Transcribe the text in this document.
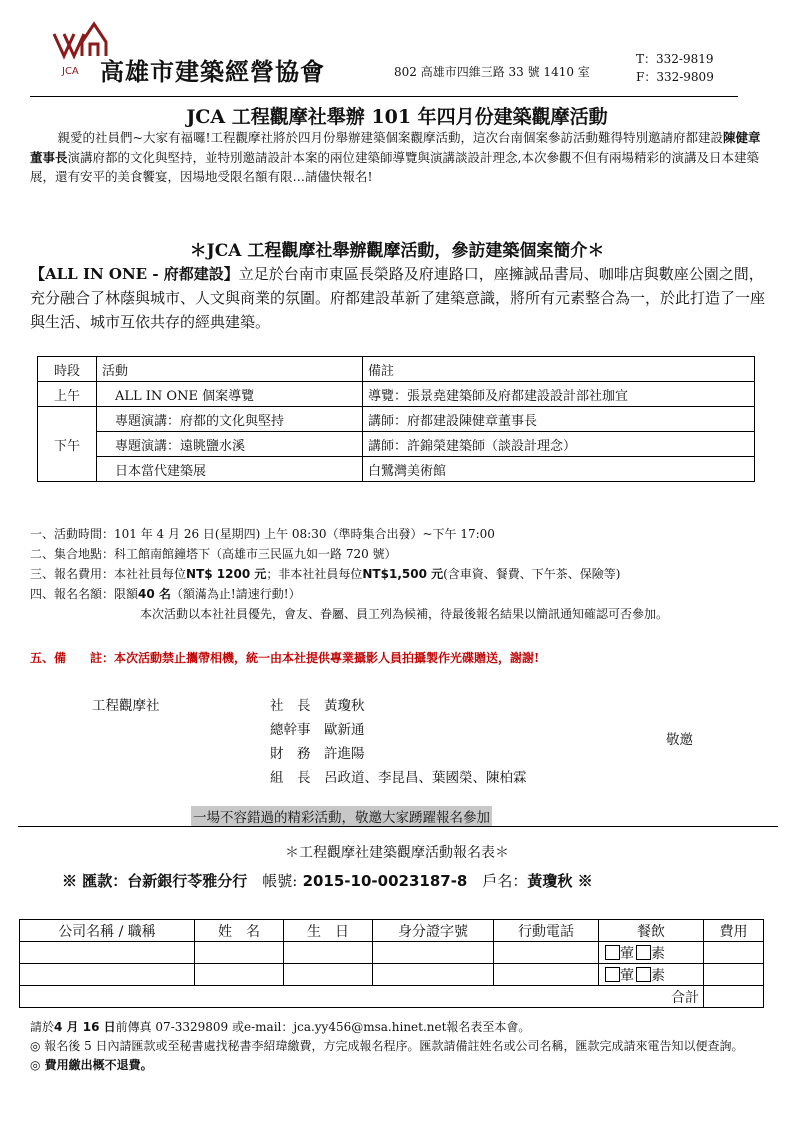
JCA 高雄市建築經營協會	802 高雄市四維三路 33 號 1410 室
T：332-9819
F：332-9809
JCA 工程觀摩社舉辦 101 年四月份建築觀摩活動
親愛的社員們~大家有福囉!工程觀摩社將於四月份舉辦建築個案觀摩活動，這次台南個案參訪活動難得特別邀請府都建設陳健章董事長演講府都的文化與堅持，並特別邀請設計本案的兩位建築師導覽與演講談設計理念,本次參觀不但有兩場精彩的演講及日本建築展，還有安平的美食饗宴，因場地受限名額有限…請儘快報名!
＊JCA 工程觀摩社舉辦觀摩活動，參訪建築個案簡介＊
【ALL IN ONE - 府都建設】立足於台南市東區長榮路及府連路口，座擁誠品書局、咖啡店與數座公園之間，充分融合了林蔭與城市、人文與商業的氛圍。府都建設革新了建築意識，將所有元素整合為一，於此打造了一座與生活、城市互依共存的經典建築。
時段	活動	備註
上午	ALL IN ONE 個案導覽	導覽：張景堯建築師及府都建設設計部社珈宜
下午	專題演講：府都的文化與堅持	講師：府都建設陳健章董事長
	專題演講：遠眺鹽水溪	講師：許錦榮建築師（談設計理念）
	日本當代建築展	白鷺灣美術館
一、活動時間：101 年 4 月 26 日(星期四) 上午 08:30（準時集合出發）~下午 17:00
二、集合地點：科工館南館鐘塔下（高雄市三民區九如一路 720 號）
三、報名費用：本社社員每位NT$ 1200 元；非本社社員每位NT$1,500 元(含車資、餐費、下午茶、保險等)
四、報名名額：限額40 名（額滿為止!請速行動!）
本次活動以本社社員優先，會友、眷屬、員工列為候補，待最後報名結果以簡訊通知確認可否參加。
五、備　　註：本次活動禁止攜帶相機，統一由本社提供專業攝影人員拍攝製作光碟贈送，謝謝!
工程觀摩社	社　長　 黃瓊秋
總幹事　 歐新通
財　務　 許進陽
組　長　 呂政道、李昆昌、葉國榮、陳柏霖
敬邀
一場不容錯過的精彩活動，敬邀大家踴躍報名參加
＊工程觀摩社建築觀摩活動報名表＊
※ 匯款：台新銀行苓雅分行　 帳號: 2015-10-0023187-8　 戶名：黃瓊秋 ※
公司名稱 / 職稱	姓　名	生　日	身分證字號	行動電話	餐飲	費用
					葷 素	
					葷 素	
合計						
請於4 月 16 日前傳真 07-3329809 或e-mail：jca.yy456@msa.hinet.net報名表至本會。
◎ 報名後 5 日內請匯款或至秘書處找秘書李紹瑋繳費，方完成報名程序。匯款請備註姓名或公司名稱，匯款完成請來電告知以便查詢。
◎ 費用繳出概不退費。
